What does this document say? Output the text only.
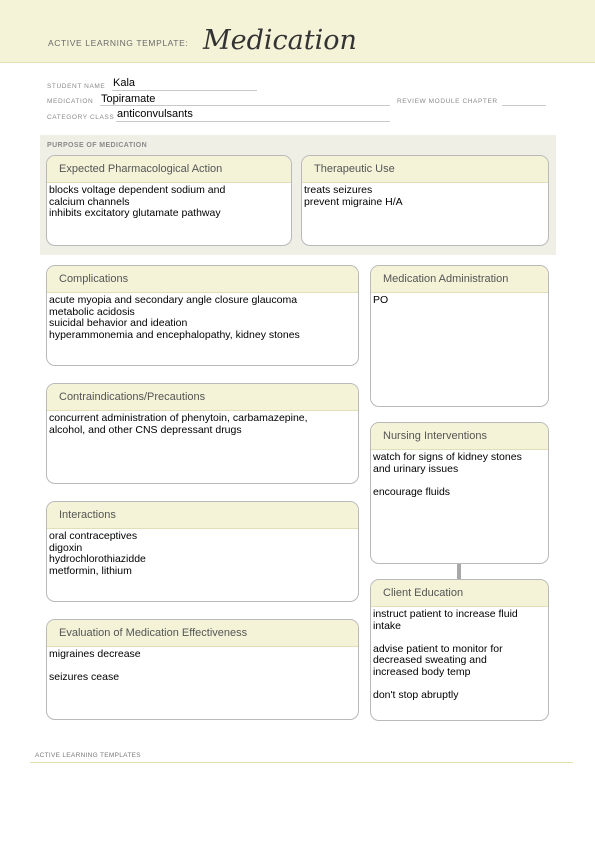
ACTIVE LEARNING TEMPLATE: Medication
STUDENT NAME Kala
MEDICATION Topiramate	REVIEW MODULE CHAPTER
CATEGORY CLASS anticonvulsants
PURPOSE OF MEDICATION
Expected Pharmacological Action
blocks voltage dependent sodium and
calcium channels
inhibits excitatory glutamate pathway
Therapeutic Use
treats seizures
prevent migraine H/A
Complications
acute myopia and secondary angle closure glaucoma
metabolic acidosis
suicidal behavior and ideation
hyperammonemia and encephalopathy, kidney stones
Contraindications/Precautions
concurrent administration of phenytoin, carbamazepine,
alcohol, and other CNS depressant drugs
Interactions
oral contraceptives
digoxin
hydrochlorothiazidde
metformin, lithium
Evaluation of Medication Effectiveness
migraines decrease

seizures cease
Medication Administration
PO
Nursing Interventions
watch for signs of kidney stones
and urinary issues

encourage fluids
Client Education
instruct patient to increase fluid
intake

advise patient to monitor for
decreased sweating and
increased body temp

don't stop abruptly
ACTIVE LEARNING TEMPLATES
